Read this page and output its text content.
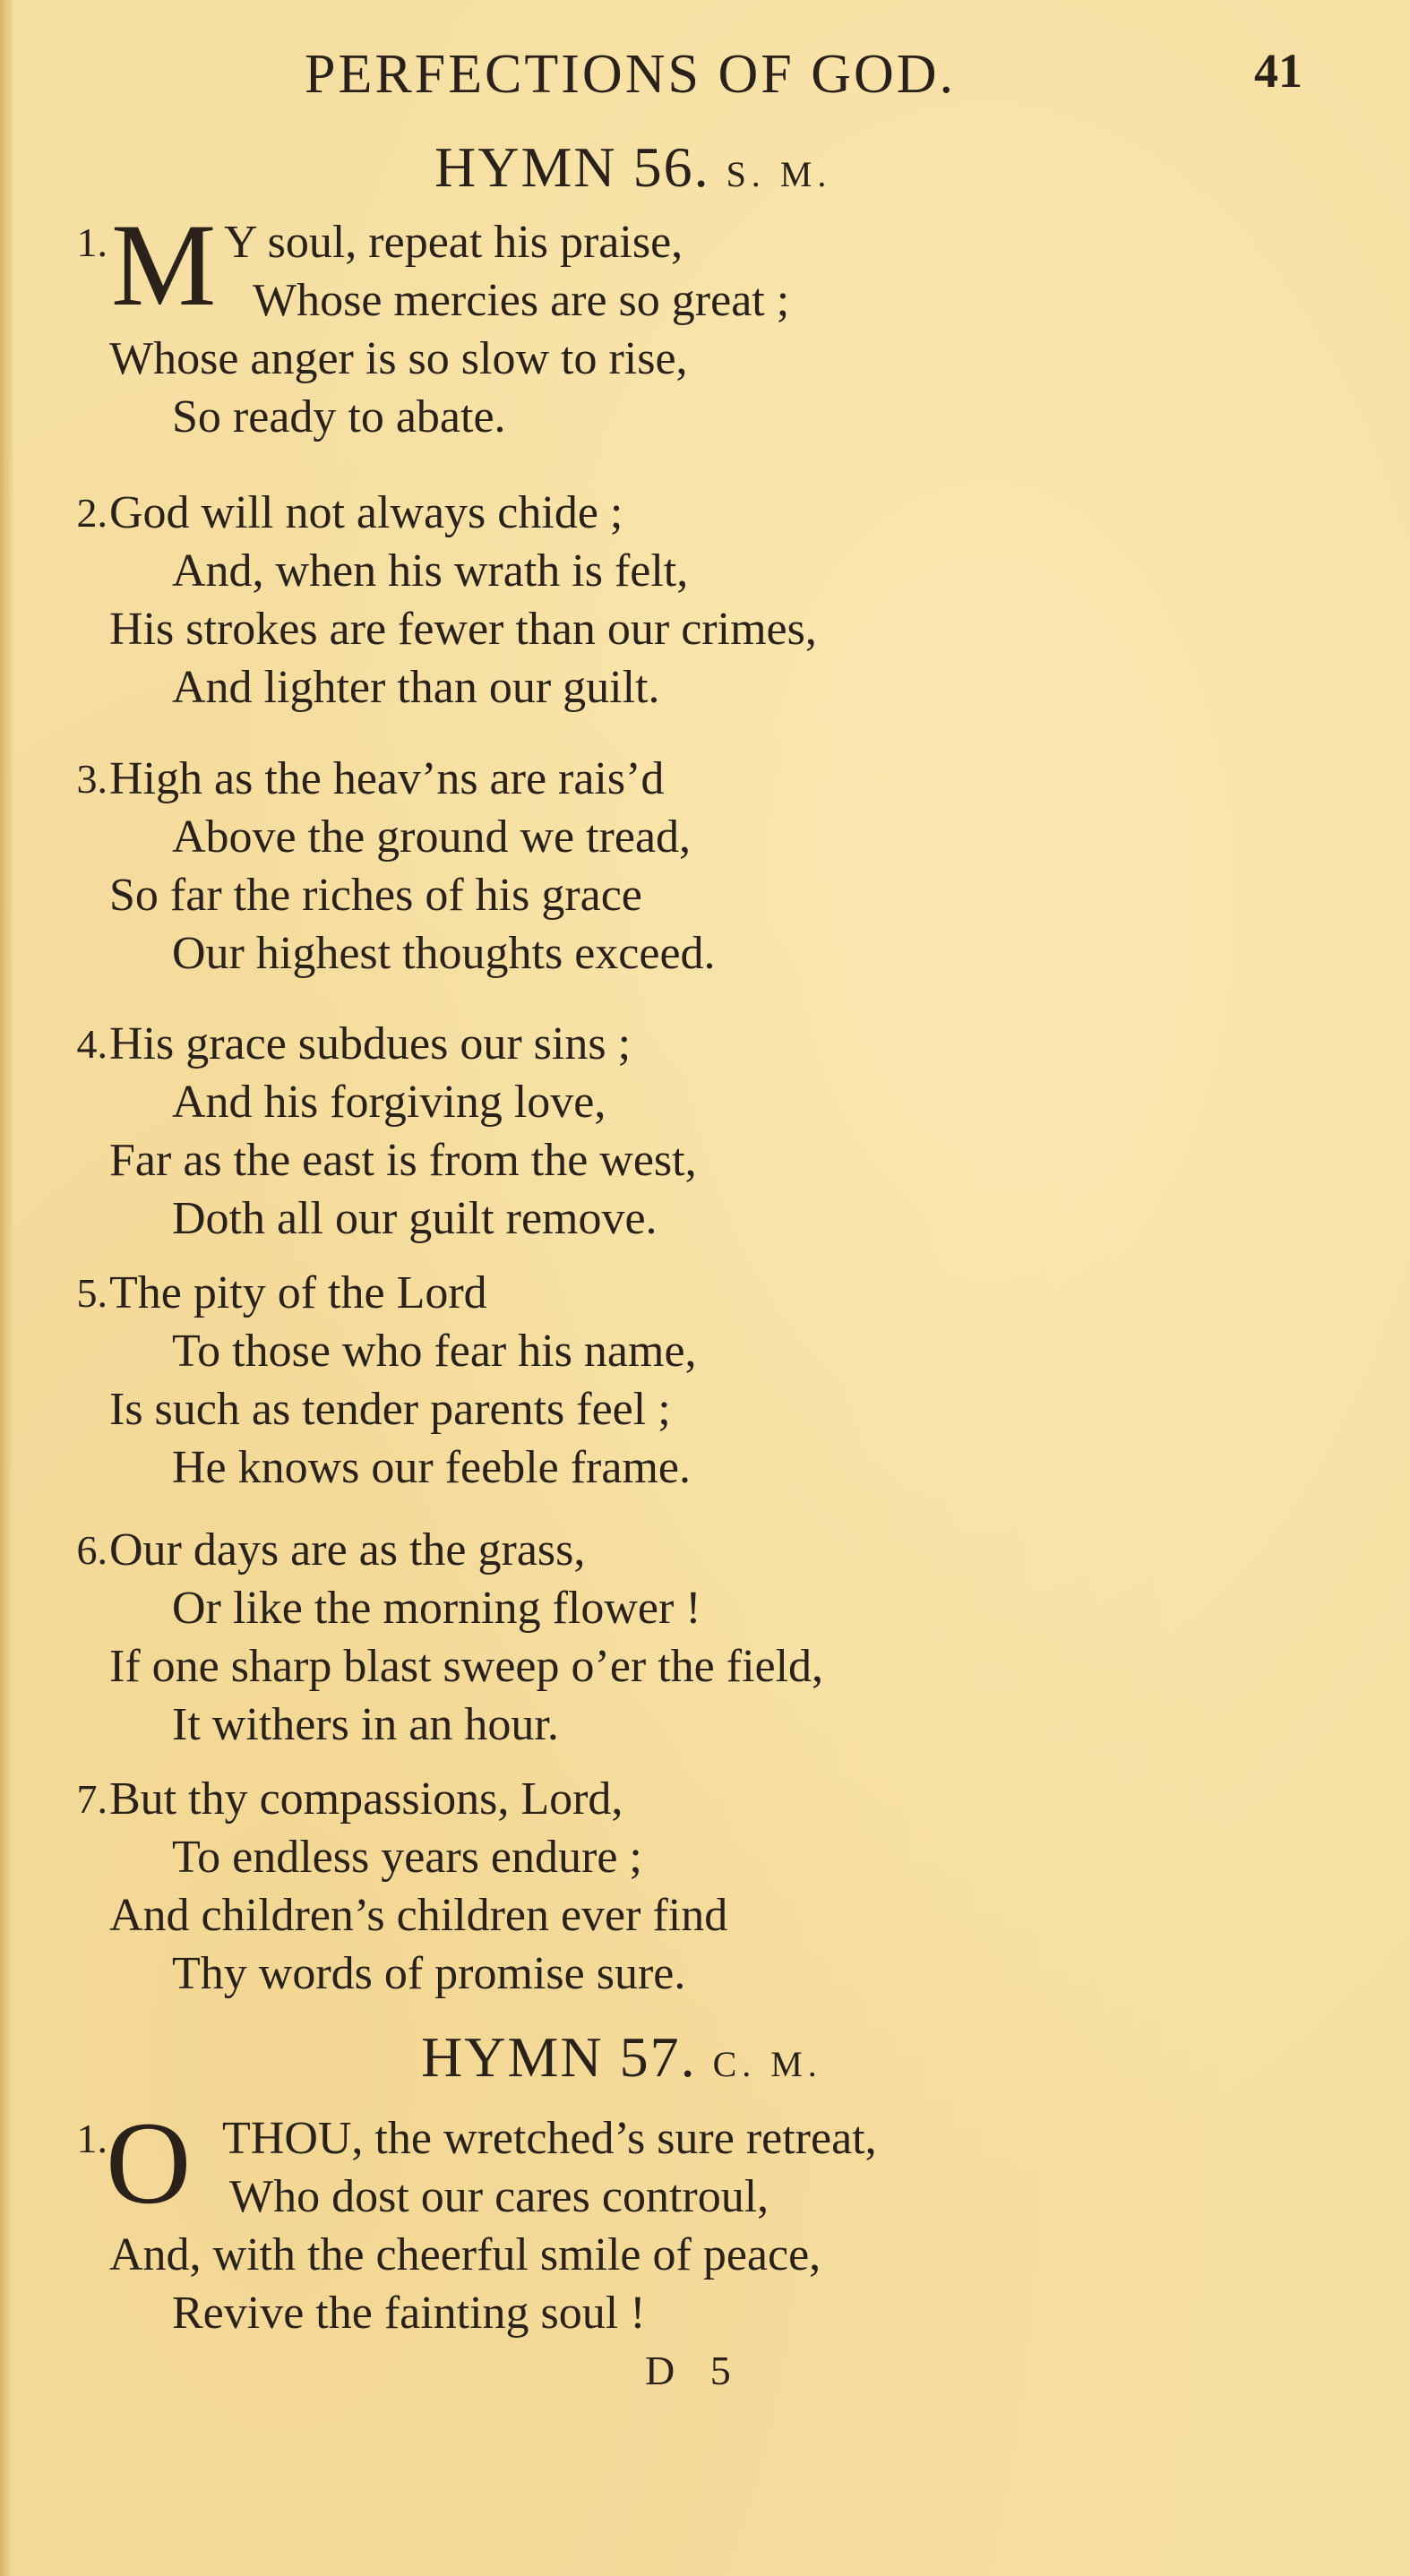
PERFECTIONS OF GOD.	41
HYMN 56. S. M.
1. M Y soul, repeat his praise,
Whose mercies are so great ;
Whose anger is so slow to rise,
So ready to abate.
2. God will not always chide ;
And, when his wrath is felt,
His strokes are fewer than our crimes,
And lighter than our guilt.
3. High as the heav’ns are rais’d
Above the ground we tread,
So far the riches of his grace
Our highest thoughts exceed.
4. His grace subdues our sins ;
And his forgiving love,
Far as the east is from the west,
Doth all our guilt remove.
5. The pity of the Lord
To those who fear his name,
Is such as tender parents feel ;
He knows our feeble frame.
6. Our days are as the grass,
Or like the morning flower !
If one sharp blast sweep o’er the field,
It withers in an hour.
7. But thy compassions, Lord,
To endless years endure ;
And children’s children ever find
Thy words of promise sure.
HYMN 57. C. M.
1.
O THOU, the wretched’s sure retreat,
Who dost our cares controul,
And, with the cheerful smile of peace,
Revive the fainting soul !
D 5
